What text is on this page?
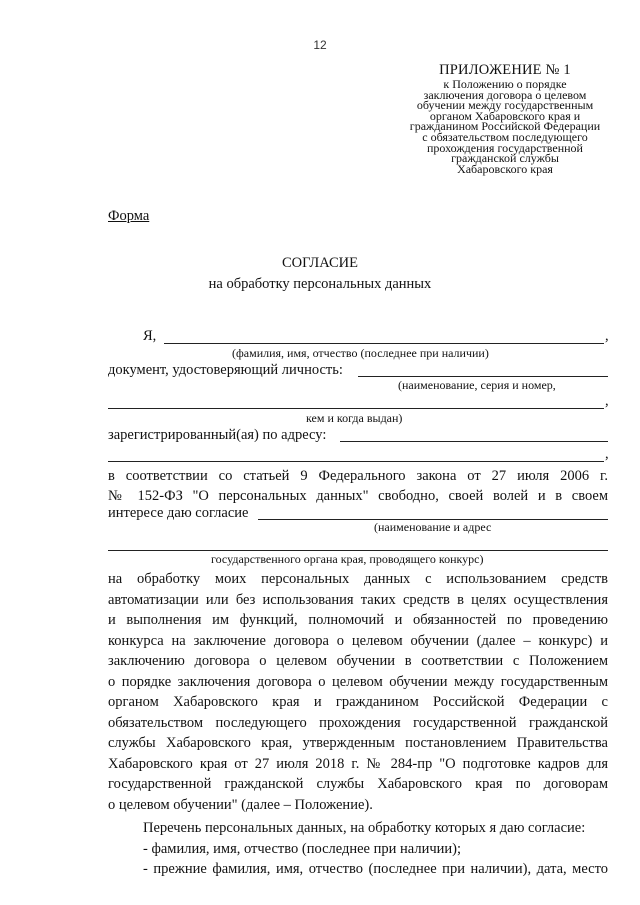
12
ПРИЛОЖЕНИЕ № 1
к Положению о порядке
заключения договора о целевом
обучении между государственным
органом Хабаровского края и
гражданином Российской Федерации
с обязательством последующего
прохождения государственной
гражданской службы
Хабаровского края
Форма
СОГЛАСИЕ
на обработку персональных данных
Я,	,
(фамилия, имя, отчество (последнее при наличии)
документ, удостоверяющий личность:
(наименование, серия и номер,
,
кем и когда выдан)
зарегистрированный(ая) по адресу:
,
в соответствии со статьей 9 Федерального закона от 27 июля 2006 г.
№ 152-ФЗ "О персональных данных" свободно, своей волей и в своем
интересе даю согласие
(наименование и адрес
государственного органа края, проводящего конкурс)
на обработку моих персональных данных с использованием средств
автоматизации или без использования таких средств в целях осуществления
и выполнения им функций, полномочий и обязанностей по проведению
конкурса на заключение договора о целевом обучении (далее – конкурс) и
заключению договора о целевом обучении в соответствии с Положением
о порядке заключения договора о целевом обучении между государственным
органом Хабаровского края и гражданином Российской Федерации с
обязательством последующего прохождения государственной гражданской
службы Хабаровского края, утвержденным постановлением Правительства
Хабаровского края от 27 июля 2018 г. № 284-пр "О подготовке кадров для
государственной гражданской службы Хабаровского края по договорам
о целевом обучении" (далее – Положение).
Перечень персональных данных, на обработку которых я даю согласие:
- фамилия, имя, отчество (последнее при наличии);
- прежние фамилия, имя, отчество (последнее при наличии), дата, место
